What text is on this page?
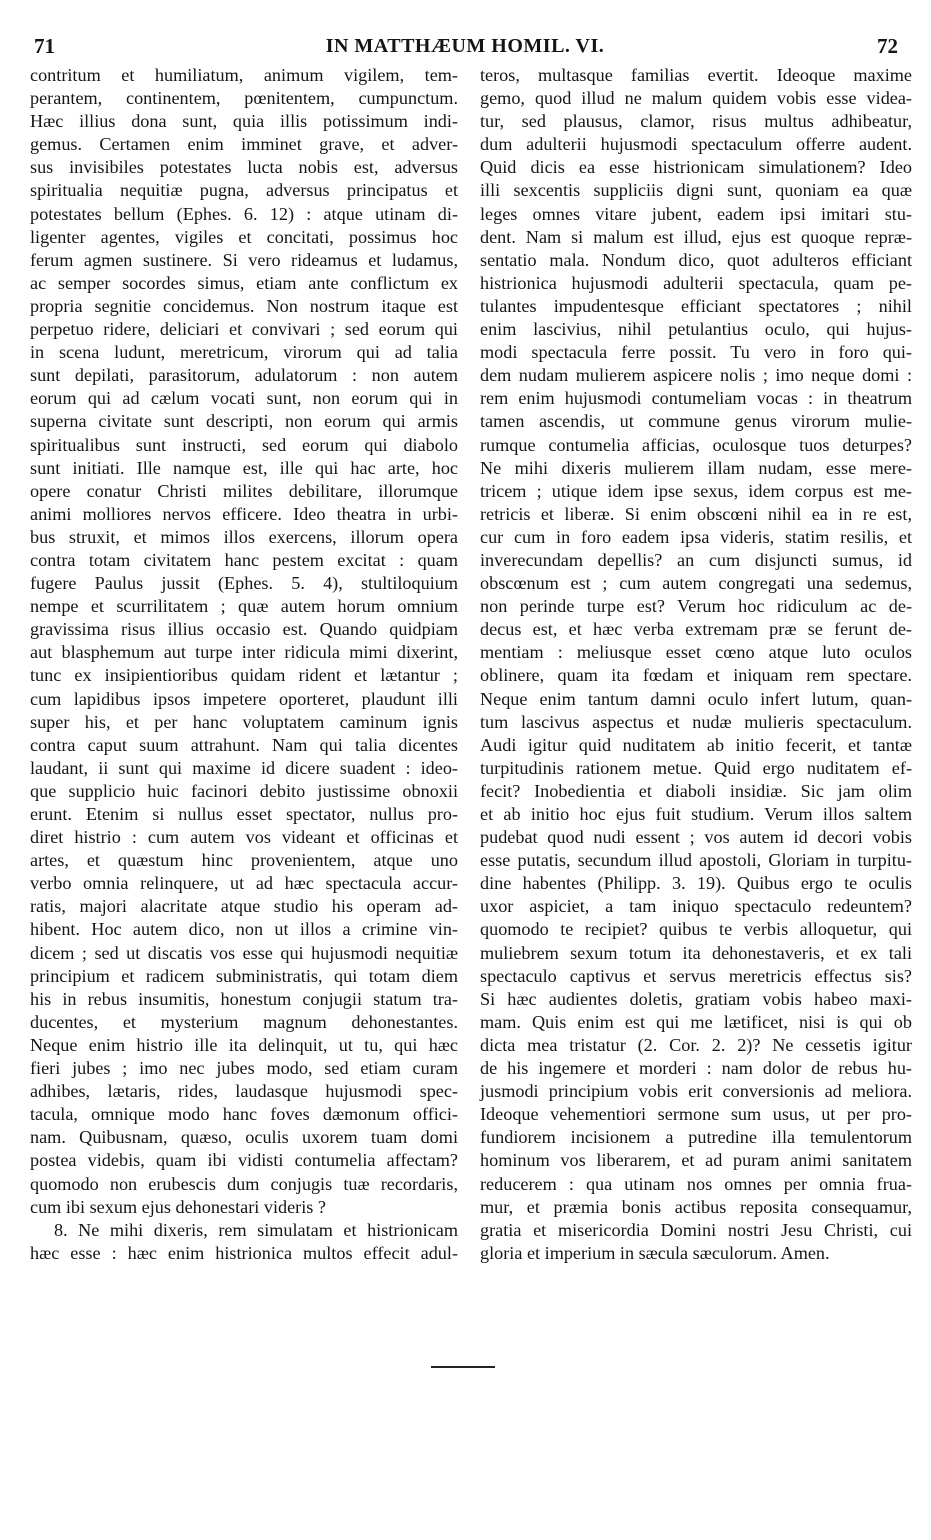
71	IN MATTHÆUM HOMIL. VI.	72
contritum et humiliatum, animum vigilem, tem-
perantem, continentem, pœnitentem, cumpunctum.
Hæc illius dona sunt, quia illis potissimum indi-
gemus. Certamen enim imminet grave, et adver-
sus invisibiles potestates lucta nobis est, adversus
spiritualia nequitiæ pugna, adversus principatus et
potestates bellum (Ephes. 6. 12) : atque utinam di-
ligenter agentes, vigiles et concitati, possimus hoc
ferum agmen sustinere. Si vero rideamus et ludamus,
ac semper socordes simus, etiam ante conflictum ex
propria segnitie concidemus. Non nostrum itaque est
perpetuo ridere, deliciari et convivari ; sed eorum qui
in scena ludunt, meretricum, virorum qui ad talia
sunt depilati, parasitorum, adulatorum : non autem
eorum qui ad cælum vocati sunt, non eorum qui in
superna civitate sunt descripti, non eorum qui armis
spiritualibus sunt instructi, sed eorum qui diabolo
sunt initiati. Ille namque est, ille qui hac arte, hoc
opere conatur Christi milites debilitare, illorumque
animi molliores nervos efficere. Ideo theatra in urbi-
bus struxit, et mimos illos exercens, illorum opera
contra totam civitatem hanc pestem excitat : quam
fugere Paulus jussit (Ephes. 5. 4), stultiloquium
nempe et scurrilitatem ; quæ autem horum omnium
gravissima risus illius occasio est. Quando quidpiam
aut blasphemum aut turpe inter ridicula mimi dixerint,
tunc ex insipientioribus quidam rident et lætantur ;
cum lapidibus ipsos impetere oporteret, plaudunt illi
super his, et per hanc voluptatem caminum ignis
contra caput suum attrahunt. Nam qui talia dicentes
laudant, ii sunt qui maxime id dicere suadent : ideo-
que supplicio huic facinori debito justissime obnoxii
erunt. Etenim si nullus esset spectator, nullus pro-
diret histrio : cum autem vos videant et officinas et
artes, et quæstum hinc provenientem, atque uno
verbo omnia relinquere, ut ad hæc spectacula accur-
ratis, majori alacritate atque studio his operam ad-
hibent. Hoc autem dico, non ut illos a crimine vin-
dicem ; sed ut discatis vos esse qui hujusmodi nequitiæ
principium et radicem subministratis, qui totam diem
his in rebus insumitis, honestum conjugii statum tra-
ducentes, et mysterium magnum dehonestantes.
Neque enim histrio ille ita delinquit, ut tu, qui hæc
fieri jubes ; imo nec jubes modo, sed etiam curam
adhibes, lætaris, rides, laudasque hujusmodi spec-
tacula, omnique modo hanc foves dæmonum offici-
nam. Quibusnam, quæso, oculis uxorem tuam domi
postea videbis, quam ibi vidisti contumelia affectam?
quomodo non erubescis dum conjugis tuæ recordaris,
cum ibi sexum ejus dehonestari videris ?
8. Ne mihi dixeris, rem simulatam et histrionicam
hæc esse : hæc enim histrionica multos effecit adul-
teros, multasque familias evertit. Ideoque maxime
gemo, quod illud ne malum quidem vobis esse videa-
tur, sed plausus, clamor, risus multus adhibeatur,
dum adulterii hujusmodi spectaculum offerre audent.
Quid dicis ea esse histrionicam simulationem? Ideo
illi sexcentis suppliciis digni sunt, quoniam ea quæ
leges omnes vitare jubent, eadem ipsi imitari stu-
dent. Nam si malum est illud, ejus est quoque repræ-
sentatio mala. Nondum dico, quot adulteros efficiant
histrionica hujusmodi adulterii spectacula, quam pe-
tulantes impudentesque efficiant spectatores ; nihil
enim lascivius, nihil petulantius oculo, qui hujus-
modi spectacula ferre possit. Tu vero in foro qui-
dem nudam mulierem aspicere nolis ; imo neque domi :
rem enim hujusmodi contumeliam vocas : in theatrum
tamen ascendis, ut commune genus virorum mulie-
rumque contumelia afficias, oculosque tuos deturpes?
Ne mihi dixeris mulierem illam nudam, esse mere-
tricem ; utique idem ipse sexus, idem corpus est me-
retricis et liberæ. Si enim obscœni nihil ea in re est,
cur cum in foro eadem ipsa videris, statim resilis, et
inverecundam depellis? an cum disjuncti sumus, id
obscœnum est ; cum autem congregati una sedemus,
non perinde turpe est? Verum hoc ridiculum ac de-
decus est, et hæc verba extremam præ se ferunt de-
mentiam : meliusque esset cœno atque luto oculos
oblinere, quam ita fœdam et iniquam rem spectare.
Neque enim tantum damni oculo infert lutum, quan-
tum lascivus aspectus et nudæ mulieris spectaculum.
Audi igitur quid nuditatem ab initio fecerit, et tantæ
turpitudinis rationem metue. Quid ergo nuditatem ef-
fecit? Inobedientia et diaboli insidiæ. Sic jam olim
et ab initio hoc ejus fuit studium. Verum illos saltem
pudebat quod nudi essent ; vos autem id decori vobis
esse putatis, secundum illud apostoli, Gloriam in turpitu-
dine habentes (Philipp. 3. 19). Quibus ergo te oculis
uxor aspiciet, a tam iniquo spectaculo redeuntem?
quomodo te recipiet? quibus te verbis alloquetur, qui
muliebrem sexum totum ita dehonestaveris, et ex tali
spectaculo captivus et servus meretricis effectus sis?
Si hæc audientes doletis, gratiam vobis habeo maxi-
mam. Quis enim est qui me lætificet, nisi is qui ob
dicta mea tristatur (2. Cor. 2. 2)? Ne cessetis igitur
de his ingemere et morderi : nam dolor de rebus hu-
jusmodi principium vobis erit conversionis ad meliora.
Ideoque vehementiori sermone sum usus, ut per pro-
fundiorem incisionem a putredine illa temulentorum
hominum vos liberarem, et ad puram animi sanitatem
reducerem : qua utinam nos omnes per omnia frua-
mur, et præmia bonis actibus reposita consequamur,
gratia et misericordia Domini nostri Jesu Christi, cui
gloria et imperium in sæcula sæculorum. Amen.
